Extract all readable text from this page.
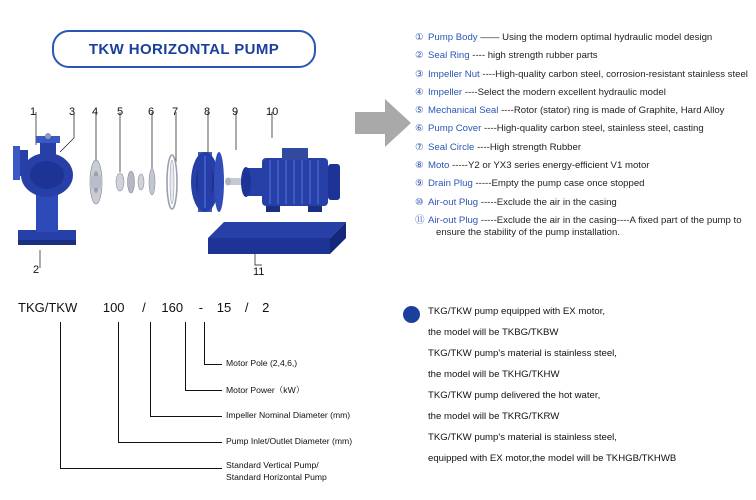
TKW HORIZONTAL PUMP
1
2
3 4 5 6 7 8 9	10
11
① Pump Body —— Using the modern optimal hydraulic model design
② Seal Ring ---- high strength rubber parts
③ Impeller Nut ----High-quality carbon steel, corrosion-resistant stainless steel
④ Impeller ----Select the modern excellent hydraulic model
⑤ Mechanical Seal ----Rotor (stator) ring is made of Graphite, Hard Alloy
⑥ Pump Cover ----High-quality carbon steel, stainless steel, casting
⑦ Seal Circle ----High strength Rubber
⑧ Moto -----Y2 or YX3 series energy-efficient V1 motor
⑨ Drain Plug -----Empty the pump case once stopped
⑩ Air-out Plug -----Exclude the air in the casing
⑪ Air-out Plug -----Exclude the air in the casing----A fixed part of the pump to
ensure the stability of the pump installation.
TKG/TKW 100 / 160 - 15 / 2
Motor Pole (2,4,6,)
Motor Power（kW）
Impeller Nominal Diameter (mm)
Pump Inlet/Outlet Diameter (mm)
Standard Vertical Pump/
Standard Horizontal Pump
TKG/TKW pump equipped with EX motor,
the model will be TKBG/TKBW
TKG/TKW pump's material is stainless steel,
the model will be TKHG/TKHW
TKG/TKW pump delivered the hot water,
the model will be TKRG/TKRW
TKG/TKW pump's material is stainless steel,
equipped with EX motor,the model will be TKHGB/TKHWB
